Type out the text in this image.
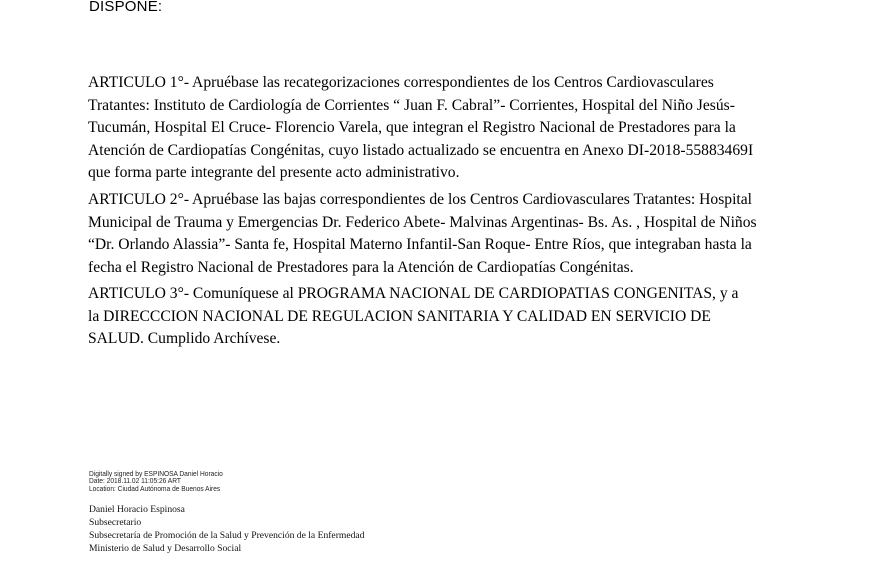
DISPONE:
ARTICULO 1°- Apruébase las recategorizaciones correspondientes de los Centros Cardiovasculares
Tratantes: Instituto de Cardiología de Corrientes “ Juan F. Cabral”- Corrientes, Hospital del Niño Jesús-
Tucumán, Hospital El Cruce- Florencio Varela, que integran el Registro Nacional de Prestadores para la
Atención de Cardiopatías Congénitas, cuyo listado actualizado se encuentra en Anexo DI-2018-55883469I
que forma parte integrante del presente acto administrativo.
ARTICULO 2°- Apruébase las bajas correspondientes de los Centros Cardiovasculares Tratantes: Hospital
Municipal de Trauma y Emergencias Dr. Federico Abete- Malvinas Argentinas- Bs. As. , Hospital de Niños
“Dr. Orlando Alassia”- Santa fe, Hospital Materno Infantil-San Roque- Entre Ríos, que integraban hasta la
fecha el Registro Nacional de Prestadores para la Atención de Cardiopatías Congénitas.
ARTICULO 3°- Comuníquese al PROGRAMA NACIONAL DE CARDIOPATIAS CONGENITAS, y a
la DIRECCCION NACIONAL DE REGULACION SANITARIA Y CALIDAD EN SERVICIO DE
SALUD. Cumplido Archívese.
Digitally signed by ESPINOSA Daniel Horacio
Date: 2018.11.02 11:05:26 ART
Location: Ciudad Autónoma de Buenos Aires
Daniel Horacio Espinosa
Subsecretario
Subsecretaría de Promoción de la Salud y Prevención de la Enfermedad
Ministerio de Salud y Desarrollo Social
